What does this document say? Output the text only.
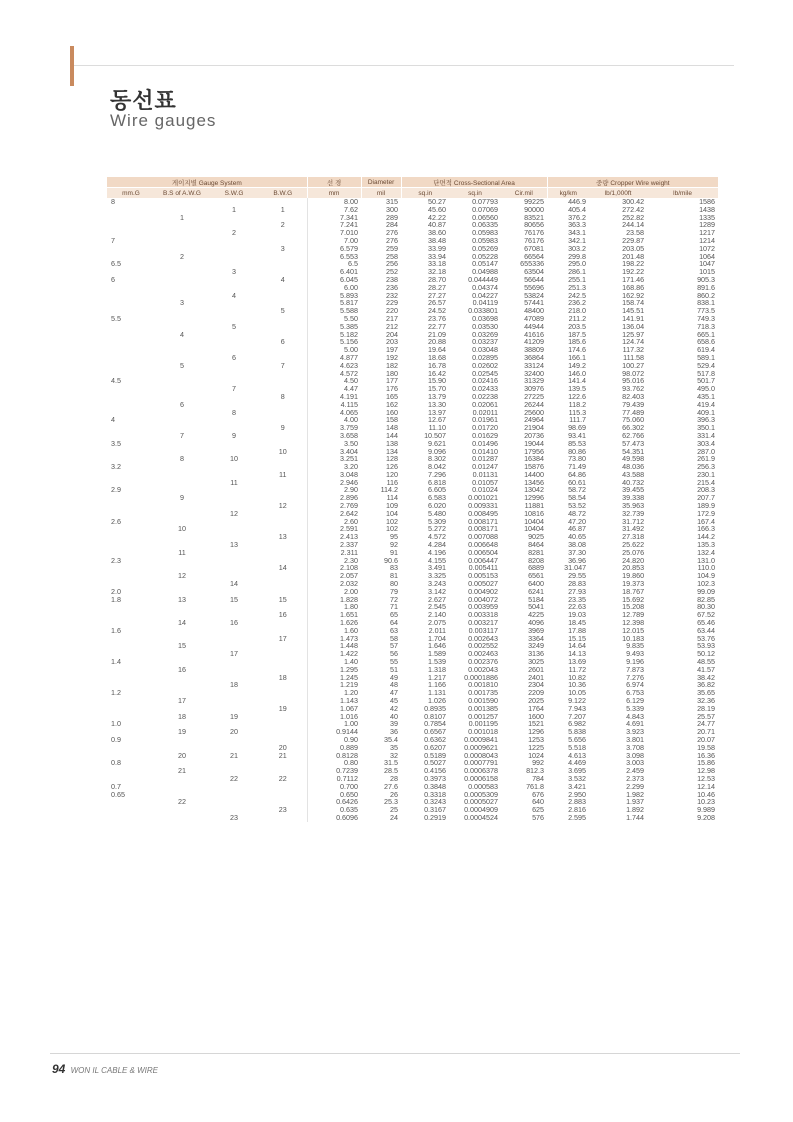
동선표
Wire gauges
게이지별 Gauge System				선 경	Diameter	단면적 Cross-Sectional Area			중량 Cropper Wire weight		
mm.G	B.S of A.W.G	S.W.G	B.W.G	mm	mil	sq.in	sq.in	Cir.mil	kg/km	lb/1,000ft	lb/mile
8				8.00	315	50.27	0.07793	99225	446.9	300.42	1586
		1	1	7.62	300	45.60	0.07069	90000	405.4	272.42	1438
	1			7.341	289	42.22	0.06560	83521	376.2	252.82	1335
			2	7.241	284	40.87	0.06335	80656	363.3	244.14	1289
		2		7.010	276	38.60	0.05983	76176	343.1	23.58	1217
7				7.00	276	38.48	0.05983	76176	342.1	229.87	1214
			3	6.579	259	33.99	0.05269	67081	303.2	203.05	1072
	2			6.553	258	33.94	0.05228	66564	299.8	201.48	1064
6.5				6.5	256	33.18	0.05147	655336	295.0	198.22	1047
		3		6.401	252	32.18	0.04988	63504	286.1	192.22	1015
6			4	6.045	238	28.70	0.044449	56644	255.1	171.46	905.3
				6.00	236	28.27	0.04374	55696	251.3	168.86	891.6
		4		5.893	232	27.27	0.04227	53824	242.5	162.92	860.2
	3			5.817	229	26.57	0.04119	57441	236.2	158.74	838.1
			5	5.588	220	24.52	0.033801	48400	218.0	145.51	773.5
5.5				5.50	217	23.76	0.03698	47089	211.2	141.91	749.3
		5		5.385	212	22.77	0.03530	44944	203.5	136.04	718.3
	4			5.182	204	21.09	0.03269	41616	187.5	125.97	665.1
			6	5.156	203	20.88	0.03237	41209	185.6	124.74	658.6
				5.00	197	19.64	0.03048	38809	174.6	117.32	619.4
		6		4.877	192	18.68	0.02895	36864	166.1	111.58	589.1
	5		7	4.623	182	16.78	0.02602	33124	149.2	100.27	529.4
				4.572	180	16.42	0.02545	32400	146.0	98.072	517.8
4.5				4.50	177	15.90	0.02416	31329	141.4	95.016	501.7
		7		4.47	176	15.70	0.02433	30976	139.5	93.762	495.0
			8	4.191	165	13.79	0.02238	27225	122.6	82.403	435.1
	6			4.115	162	13.30	0.02061	26244	118.2	79.439	419.4
		8		4.065	160	13.97	0.02011	25600	115.3	77.489	409.1
4				4.00	158	12.67	0.01961	24964	111.7	75.060	396.3
			9	3.759	148	11.10	0.01720	21904	98.69	66.302	350.1
	7	9		3.658	144	10.507	0.01629	20736	93.41	62.766	331.4
3.5				3.50	138	9.621	0.01496	19044	85.53	57.473	303.4
			10	3.404	134	9.096	0.01410	17956	80.86	54.351	287.0
	8	10		3.251	128	8.302	0.01287	16384	73.80	49.598	261.9
3.2				3.20	126	8.042	0.01247	15876	71.49	48.036	256.3
			11	3.048	120	7.296	0.01131	14400	64.86	43.588	230.1
		11		2.946	116	6.818	0.01057	13456	60.61	40.732	215.4
2.9				2.90	114.2	6.605	0.01024	13042	58.72	39.455	208.3
	9			2.896	114	6.583	0.001021	12996	58.54	39.338	207.7
			12	2.769	109	6.020	0.009331	11881	53.52	35.963	189.9
		12		2.642	104	5.480	0.008495	10816	48.72	32.739	172.9
2.6				2.60	102	5.309	0.008171	10404	47.20	31.712	167.4
	10			2.591	102	5.272	0.008171	10404	46.87	31.492	166.3
			13	2.413	95	4.572	0.007088	9025	40.65	27.318	144.2
		13		2.337	92	4.284	0.006648	8464	38.08	25.622	135.3
	11			2.311	91	4.196	0.006504	8281	37.30	25.076	132.4
2.3				2.30	90.6	4.155	0.006447	8208	36.96	24.820	131.0
			14	2.108	83	3.491	0.005411	6889	31.047	20.853	110.0
	12			2.057	81	3.325	0.005153	6561	29.55	19.860	104.9
		14		2.032	80	3.243	0.005027	6400	28.83	19.373	102.3
2.0				2.00	79	3.142	0.004902	6241	27.93	18.767	99.09
1.8	13	15	15	1.828	72	2.627	0.004072	5184	23.35	15.692	82.85
				1.80	71	2.545	0.003959	5041	22.63	15.208	80.30
			16	1.651	65	2.140	0.003318	4225	19.03	12.789	67.52
	14	16		1.626	64	2.075	0.003217	4096	18.45	12.398	65.46
1.6				1.60	63	2.011	0.003117	3969	17.88	12.015	63.44
			17	1.473	58	1.704	0.002643	3364	15.15	10.183	53.76
	15			1.448	57	1.646	0.002552	3249	14.64	9.835	53.93
		17		1.422	56	1.589	0.002463	3136	14.13	9.493	50.12
1.4				1.40	55	1.539	0.002376	3025	13.69	9.196	48.55
	16			1.295	51	1.318	0.002043	2601	11.72	7.873	41.57
			18	1.245	49	1.217	0.0001886	2401	10.82	7.276	38.42
		18		1.219	48	1.166	0.001810	2304	10.36	6.974	36.82
1.2				1.20	47	1.131	0.001735	2209	10.05	6.753	35.65
	17			1.143	45	1.026	0.001590	2025	9.122	6.129	32.36
			19	1.067	42	0.8935	0.001385	1764	7.943	5.339	28.19
	18	19		1.016	40	0.8107	0.001257	1600	7.207	4.843	25.57
1.0				1.00	39	0.7854	0.001195	1521	6.982	4.691	24.77
	19	20		0.9144	36	0.6567	0.001018	1296	5.838	3.923	20.71
0.9				0.90	35.4	0.6362	0.0009841	1253	5.656	3.801	20.07
			20	0.889	35	0.6207	0.0009621	1225	5.518	3.708	19.58
	20	21	21	0.8128	32	0.5189	0.0008043	1024	4.613	3.098	16.36
0.8				0.80	31.5	0.5027	0.0007791	992	4.469	3.003	15.86
	21			0.7239	28.5	0.4156	0.0006378	812.3	3.695	2.459	12.98
		22	22	0.7112	28	0.3973	0.0006158	784	3.532	2.373	12.53
0.7				0.700	27.6	0.3848	0.000583	761.8	3.421	2.299	12.14
0.65				0.650	26	0.3318	0.0005309	676	2.950	1.982	10.46
	22			0.6426	25.3	0.3243	0.0005027	640	2.883	1.937	10.23
			23	0.635	25	0.3167	0.0004909	625	2.816	1.892	9.989
		23		0.6096	24	0.2919	0.0004524	576	2.595	1.744	9.208
94 WON IL CABLE & WIRE
